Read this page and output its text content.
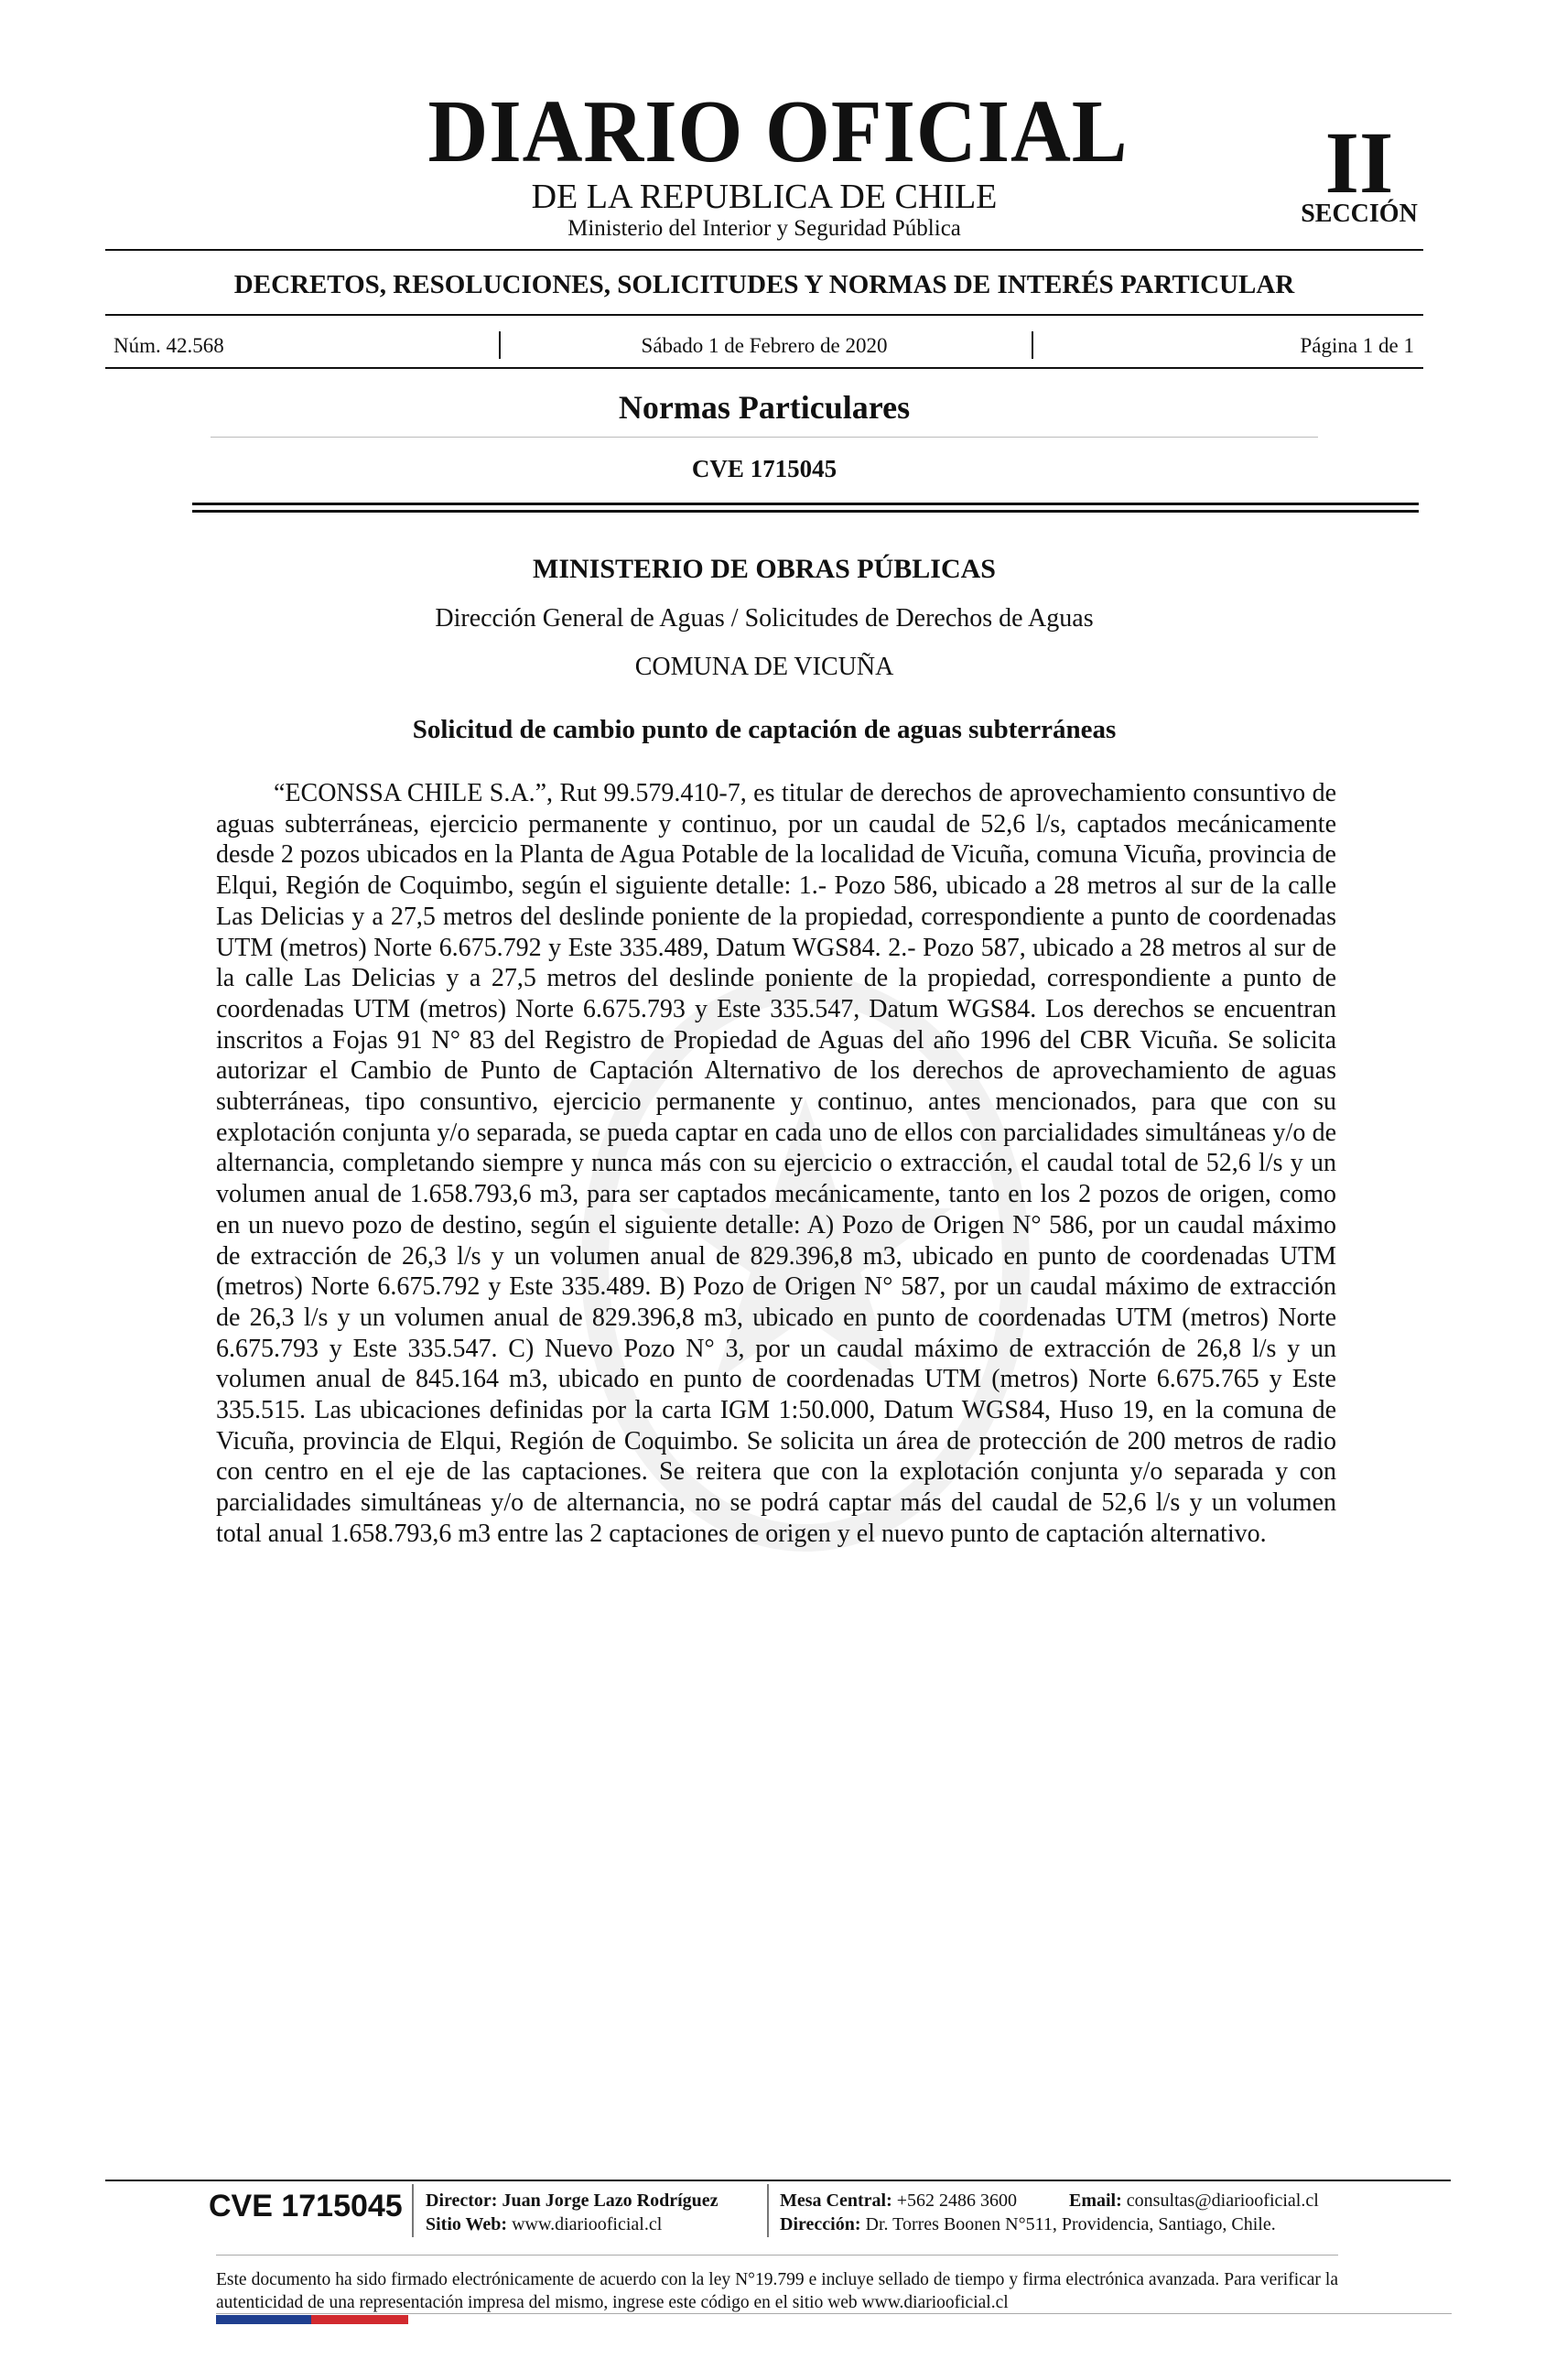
DIARIO OFICIAL
DE LA REPUBLICA DE CHILE
Ministerio del Interior y Seguridad Pública
II
SECCIÓN
DECRETOS, RESOLUCIONES, SOLICITUDES Y NORMAS DE INTERÉS PARTICULAR
Núm. 42.568	Sábado 1 de Febrero de 2020	Página 1 de 1
Normas Particulares
CVE 1715045
MINISTERIO DE OBRAS PÚBLICAS
Dirección General de Aguas / Solicitudes de Derechos de Aguas
COMUNA DE VICUÑA
Solicitud de cambio punto de captación de aguas subterráneas

“ECONSSA CHILE S.A.”, Rut 99.579.410-7, es titular de derechos de aprovechamiento consuntivo de aguas subterráneas, ejercicio permanente y continuo, por un caudal de 52,6 l/s, captados mecánicamente desde 2 pozos ubicados en la Planta de Agua Potable de la localidad de Vicuña, comuna Vicuña, provincia de Elqui, Región de Coquimbo, según el siguiente detalle: 1.- Pozo 586, ubicado a 28 metros al sur de la calle Las Delicias y a 27,5 metros del deslinde poniente de la propiedad, correspondiente a punto de coordenadas UTM (metros) Norte 6.675.792 y Este 335.489, Datum WGS84. 2.- Pozo 587, ubicado a 28 metros al sur de la calle Las Delicias y a 27,5 metros del deslinde poniente de la propiedad, correspondiente a punto de coordenadas UTM (metros) Norte 6.675.793 y Este 335.547, Datum WGS84. Los derechos se encuentran inscritos a Fojas 91 N° 83 del Registro de Propiedad de Aguas del año 1996 del CBR Vicuña. Se solicita autorizar el Cambio de Punto de Captación Alternativo de los derechos de aprovechamiento de aguas subterráneas, tipo consuntivo, ejercicio permanente y continuo, antes mencionados, para que con su explotación conjunta y/o separada, se pueda captar en cada uno de ellos con parcialidades simultáneas y/o de alternancia, completando siempre y nunca más con su ejercicio o extracción, el caudal total de 52,6 l/s y un volumen anual de 1.658.793,6 m3, para ser captados mecánicamente, tanto en los 2 pozos de origen, como en un nuevo pozo de destino, según el siguiente detalle: A) Pozo de Origen N° 586, por un caudal máximo de extracción de 26,3 l/s y un volumen anual de 829.396,8 m3, ubicado en punto de coordenadas UTM (metros) Norte 6.675.792 y Este 335.489. B) Pozo de Origen N° 587, por un caudal máximo de extracción de 26,3 l/s y un volumen anual de 829.396,8 m3, ubicado en punto de coordenadas UTM (metros) Norte 6.675.793 y Este 335.547. C) Nuevo Pozo N° 3, por un caudal máximo de extracción de 26,8 l/s y un volumen anual de 845.164 m3, ubicado en punto de coordenadas UTM (metros) Norte 6.675.765 y Este 335.515. Las ubicaciones definidas por la carta IGM 1:50.000, Datum WGS84, Huso 19, en la comuna de Vicuña, provincia de Elqui, Región de Coquimbo. Se solicita un área de protección de 200 metros de radio con centro en el eje de las captaciones. Se reitera que con la explotación conjunta y/o separada y con parcialidades simultáneas y/o de alternancia, no se podrá captar más del caudal de 52,6 l/s y un volumen total anual 1.658.793,6 m3 entre las 2 captaciones de origen y el nuevo punto de captación alternativo.

CVE 1715045 Director: Juan Jorge Lazo Rodríguez
Sitio Web: www.diariooficial.cl
Mesa Central: +562 2486 3600	Email: consultas@diariooficial.cl
Dirección: Dr. Torres Boonen N°511, Providencia, Santiago, Chile.

Este documento ha sido firmado electrónicamente de acuerdo con la ley N°19.799 e incluye sellado de tiempo y firma electrónica avanzada. Para verificar la autenticidad de una representación impresa del mismo, ingrese este código en el sitio web www.diariooficial.cl
